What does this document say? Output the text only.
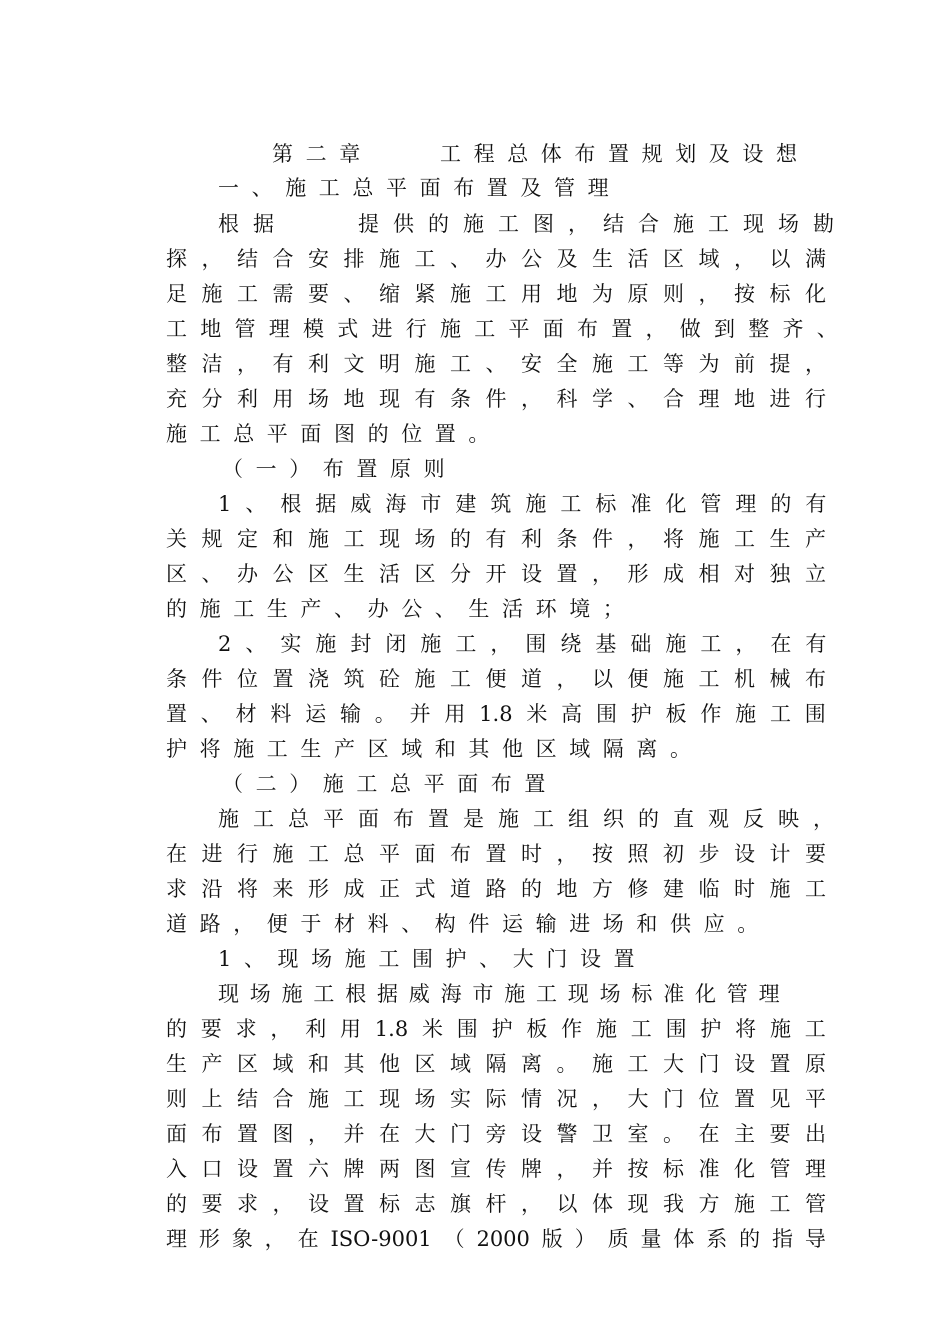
第二章　　工程总体布置规划及设想
一、施工总平面布置及管理
根据　　提供的施工图，结合施工现场勘
探 ， 结 合 安 排 施 工 、 办 公 及 生 活 区 域 ， 以 满
足 施 工 需 要 、 缩 紧 施 工 用 地 为 原 则 ， 按 标 化
工 地 管 理 模 式 进 行 施 工 平 面 布 置 ， 做 到 整 齐 、
整 洁 ， 有 利 文 明 施 工 、 安 全 施 工 等 为 前 提 ，
充 分 利 用 场 地 现 有 条 件 ， 科 学 、 合 理 地 进 行
施工总平面图的位置。
（一）布置原则
1、根据威海市建筑施工标准化管理的有
关 规 定 和 施 工 现 场 的 有 利 条 件 ， 将 施 工 生 产
区 、 办 公 区 生 活 区 分 开 设 置 ， 形 成 相 对 独 立
的施工生产、办公、生活环境；
2、实施封闭施工，围绕基础施工，在有
条 件 位 置 浇 筑 砼 施 工 便 道 ， 以 便 施 工 机 械 布
置 、 材 料 运 输 。 并 用 1.8 米 高 围 护 板 作 施 工 围
护将施工生产区域和其他区域隔离。
（二）施工总平面布置
施工总平面布置是施工组织的直观反映，
在 进 行 施 工 总 平 面 布 置 时 ， 按 照 初 步 设 计 要
求 沿 将 来 形 成 正 式 道 路 的 地 方 修 建 临 时 施 工
道路，便于材料、构件运输进场和供应。
1、现场施工围护、大门设置
现场施工根据威海市施工现场标准化管理
的 要 求 ， 利 用 1.8 米 围 护 板 作 施 工 围 护 将 施 工
生 产 区 域 和 其 他 区 域 隔 离 。 施 工 大 门 设 置 原
则 上 结 合 施 工 现 场 实 际 情 况 ， 大 门 位 置 见 平
面 布 置 图 ， 并 在 大 门 旁 设 警 卫 室 。 在 主 要 出
入 口 设 置 六 牌 两 图 宣 传 牌 ， 并 按 标 准 化 管 理
的 要 求 ， 设 置 标 志 旗 杆 ， 以 体 现 我 方 施 工 管
理 形 象 ， 在 ISO-9001 （ 2000 版 ） 质 量 体 系 的 指 导
